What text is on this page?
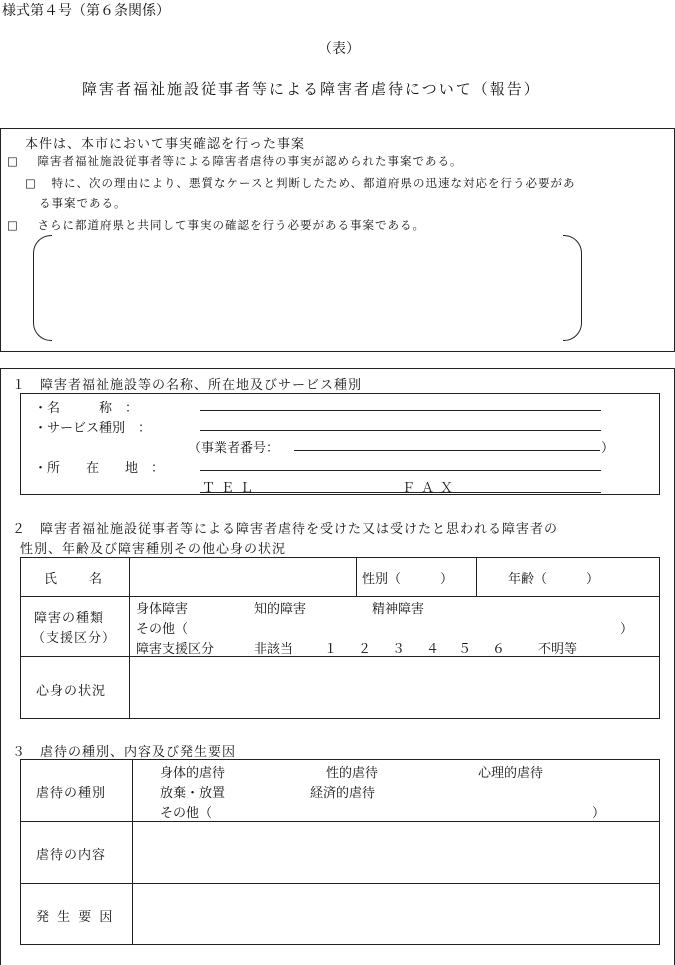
様式第４号（第６条関係）
（表）
障害者福祉施設従事者等による障害者虐待について（報告）
本件は、本市において事実確認を行った事案
□ 障害者福祉施設従事者等による障害者虐待の事実が認められた事案である。
□ 特に、次の理由により、悪質なケースと判断したため、都道府県の迅速な対応を行う必要があ
る事案である。
□ さらに都道府県と共同して事実の確認を行う必要がある事案である。
１　障害者福祉施設等の名称、所在地及びサービス種別
・名　　　称　：
・サービス種別　：
（事業者番号：	）
・所　　在　　地　：
ＴＥＬ	ＦＡＸ
２　障害者福祉施設従事者等による障害者虐待を受けた又は受けたと思われる障害者の
性別、年齢及び障害種別その他心身の状況
氏　　名	性別（　　　）	年齢（　　　）
障害の種類
（支援区分）
身体障害	知的障害	精神障害
その他（	）
障害支援区分	非該当 １ ２ ３ ４ ５ ６	不明等
心身の状況
３　虐待の種別、内容及び発生要因
虐待の種別
身体的虐待	性的虐待	心理的虐待
放棄・放置	経済的虐待
その他（	）
虐待の内容
発 生 要 因
